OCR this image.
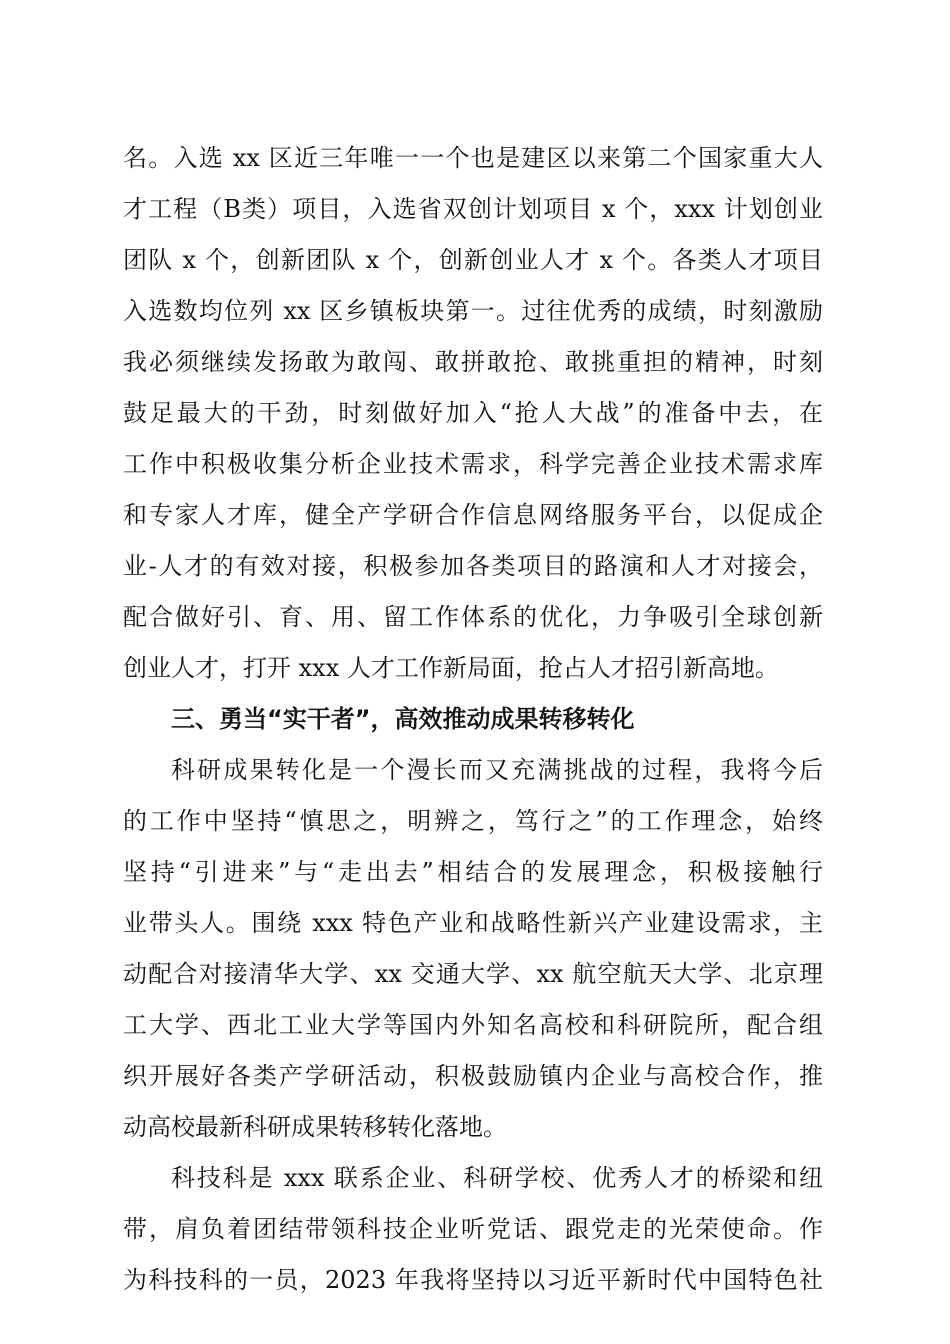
名。入选 xx 区近三年唯一一个也是建区以来第二个国家重大人
才工程（B类）项目，入选省双创计划项目 x 个，xxx 计划创业
团队 x 个，创新团队 x 个，创新创业人才 x 个。各类人才项目
入选数均位列 xx 区乡镇板块第一。过往优秀的成绩，时刻激励
我必须继续发扬敢为敢闯、敢拼敢抢、敢挑重担的精神，时刻
鼓足最大的干劲，时刻做好加入“抢人大战”的准备中去，在
工作中积极收集分析企业技术需求，科学完善企业技术需求库
和专家人才库，健全产学研合作信息网络服务平台，以促成企
业-人才的有效对接，积极参加各类项目的路演和人才对接会，
配合做好引、育、用、留工作体系的优化，力争吸引全球创新
创业人才，打开 xxx 人才工作新局面，抢占人才招引新高地。
三、勇当“实干者”，高效推动成果转移转化
科研成果转化是一个漫长而又充满挑战的过程，我将今后
的工作中坚持“慎思之，明辨之，笃行之”的工作理念，始终
坚持“引进来”与“走出去”相结合的发展理念，积极接触行
业带头人。围绕 xxx 特色产业和战略性新兴产业建设需求，主
动配合对接清华大学、xx 交通大学、xx 航空航天大学、北京理
工大学、西北工业大学等国内外知名高校和科研院所，配合组
织开展好各类产学研活动，积极鼓励镇内企业与高校合作，推
动高校最新科研成果转移转化落地。
科技科是 xxx 联系企业、科研学校、优秀人才的桥梁和纽
带，肩负着团结带领科技企业听党话、跟党走的光荣使命。作
为科技科的一员，2023 年我将坚持以习近平新时代中国特色社
